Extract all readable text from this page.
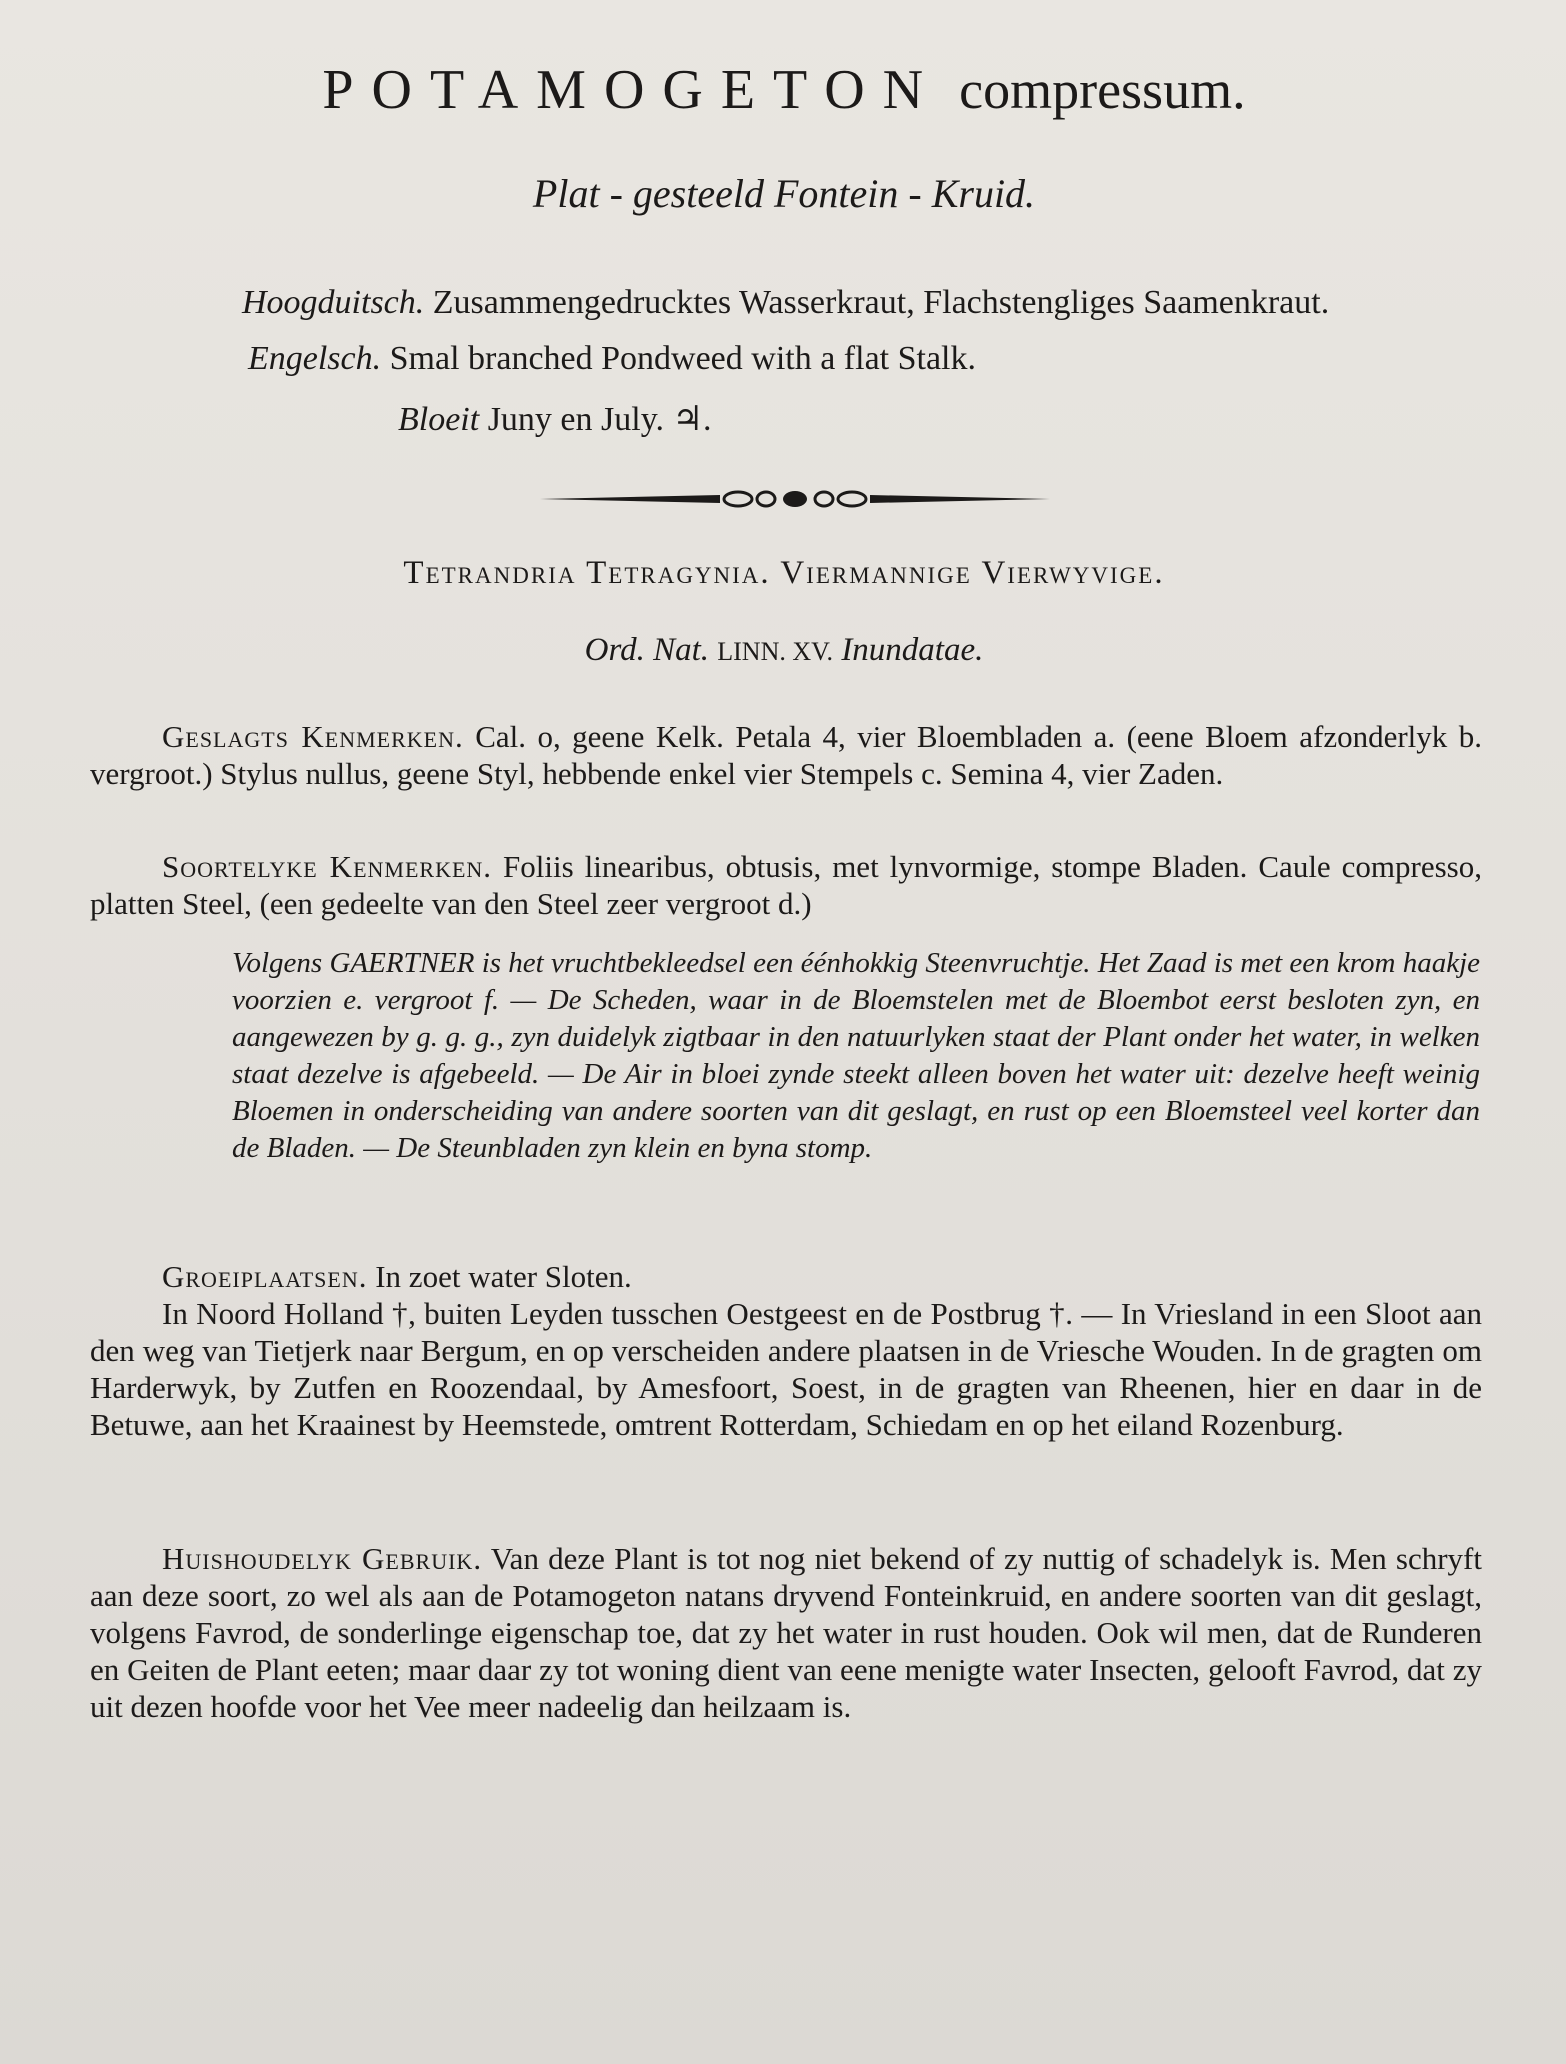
POTAMOGETON compressum.
Plat - gesteeld Fontein - Kruid.
Hoogduitsch. Zusammengedrucktes Wasserkraut, Flachstengliges Saamenkraut.
Engelsch. Smal branched Pondweed with a flat Stalk.
Bloeit Juny en July. ♃.
Tetrandria Tetragynia. Viermannige Vierwyvige.
Ord. Nat. LINN. XV. Inundatae.
Geslagts Kenmerken. Cal. o, geene Kelk. Petala 4, vier Bloembladen a. (eene Bloem afzonderlyk b. vergroot.) Stylus nullus, geene Styl, hebbende enkel vier Stempels c. Semina 4, vier Zaden.
Soortelyke Kenmerken. Foliis linearibus, obtusis, met lynvormige, stompe Bladen. Caule compresso, platten Steel, (een gedeelte van den Steel zeer vergroot d.)
Volgens GAERTNER is het vruchtbekleedsel een éénhokkig Steenvruchtje. Het Zaad is met een krom haakje voorzien e. vergroot f. — De Scheden, waar in de Bloemstelen met de Bloembot eerst besloten zyn, en aangewezen by g. g. g., zyn duidelyk zigtbaar in den natuurlyken staat der Plant onder het water, in welken staat dezelve is afgebeeld. — De Air in bloei zynde steekt alleen boven het water uit: dezelve heeft weinig Bloemen in onderscheiding van andere soorten van dit geslagt, en rust op een Bloemsteel veel korter dan de Bladen. — De Steunbladen zyn klein en byna stomp.
Groeiplaatsen. In zoet water Sloten.
In Noord Holland †, buiten Leyden tusschen Oestgeest en de Postbrug †. — In Vriesland in een Sloot aan den weg van Tietjerk naar Bergum, en op verscheiden andere plaatsen in de Vriesche Wouden. In de gragten om Harderwyk, by Zutfen en Roozendaal, by Amesfoort, Soest, in de gragten van Rheenen, hier en daar in de Betuwe, aan het Kraainest by Heemstede, omtrent Rotterdam, Schiedam en op het eiland Rozenburg.
Huishoudelyk Gebruik. Van deze Plant is tot nog niet bekend of zy nuttig of schadelyk is. Men schryft aan deze soort, zo wel als aan de Potamogeton natans dryvend Fonteinkruid, en andere soorten van dit geslagt, volgens Favrod, de sonderlinge eigenschap toe, dat zy het water in rust houden. Ook wil men, dat de Runderen en Geiten de Plant eeten; maar daar zy tot woning dient van eene menigte water Insecten, gelooft Favrod, dat zy uit dezen hoofde voor het Vee meer nadeelig dan heilzaam is.
